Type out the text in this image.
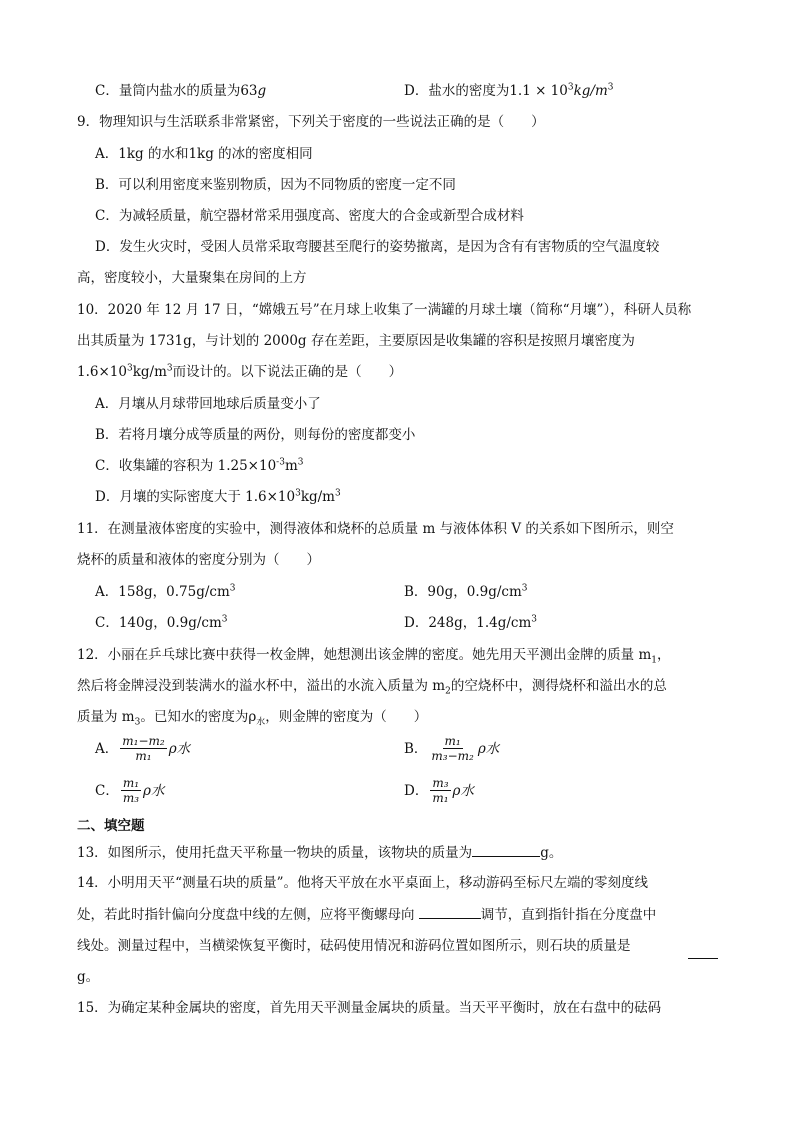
C．量筒内盐水的质量为63g	D．盐水的密度为$1.1 \times 10^3kg/m^3$
9．物理知识与生活联系非常紧密，下列关于密度的一些说法正确的是（　　）
A．1kg 的水和1kg 的冰的密度相同
B．可以利用密度来鉴别物质，因为不同物质的密度一定不同
C．为减轻质量，航空器材常采用强度高、密度大的合金或新型合成材料
D．发生火灾时，受困人员常采取弯腰甚至爬行的姿势撤离，是因为含有有害物质的空气温度较
高，密度较小，大量聚集在房间的上方
10．2020 年 12 月 17 日，“嫦娥五号”在月球上收集了一满罐的月球土壤（简称“月壤”），科研人员称
出其质量为 1731g，与计划的 2000g 存在差距，主要原因是收集罐的容积是按照月壤密度为
$1.6\times 10^3kg/m^3$而设计的。以下说法正确的是（　　）
A．月壤从月球带回地球后质量变小了
B．若将月壤分成等质量的两份，则每份的密度都变小
C．收集罐的容积为 $1.25\times 10^{-3}m^3$
D．月壤的实际密度大于 $1.6\times 10^3kg/m^3$
11．在测量液体密度的实验中，测得液体和烧杯的总质量 m 与液体体积 V 的关系如下图所示，则空
烧杯的质量和液体的密度分别为（　　）
A．158g，$0.75g/cm^3$	B．90g，$0.9g/cm^3$
C．140g，$0.9g/cm^3$	D．248g，$1.4g/cm^3$
12．小丽在乒乓球比赛中获得一枚金牌，她想测出该金牌的密度。她先用天平测出金牌的质量 $m_1$，
然后将金牌浸没到装满水的溢水杯中，溢出的水流入质量为 $m_2$的空烧杯中，测得烧杯和溢出水的总
质量为 $m_3$。已知水的密度为$\rho_水$，则金牌的密度为（　　）
A． $\frac{\text{m₁−m₂}}{\text{m₁}}$ ρ水	B． $\frac{\text{m₁}}{\text{m₃−m₂}}$ ρ水
C． $\frac{\text{m₁}}{\text{m₃}}$ ρ水	D． $\frac{\text{m₃}}{\text{m₁}}$ ρ水
二、填空题
13．如图所示，使用托盘天平称量一物块的质量，该物块的质量为	g。
14．小明用天平“测量石块的质量”。他将天平放在水平桌面上，移动游码至标尺左端的零刻度线
处，若此时指针偏向分度盘中线的左侧，应将平衡螺母向	调节，直到指针指在分度盘中
线处。测量过程中，当横梁恢复平衡时，砝码使用情况和游码位置如图所示，则石块的质量是
g。
15．为确定某种金属块的密度，首先用天平测量金属块的质量。当天平平衡时，放在右盘中的砝码
